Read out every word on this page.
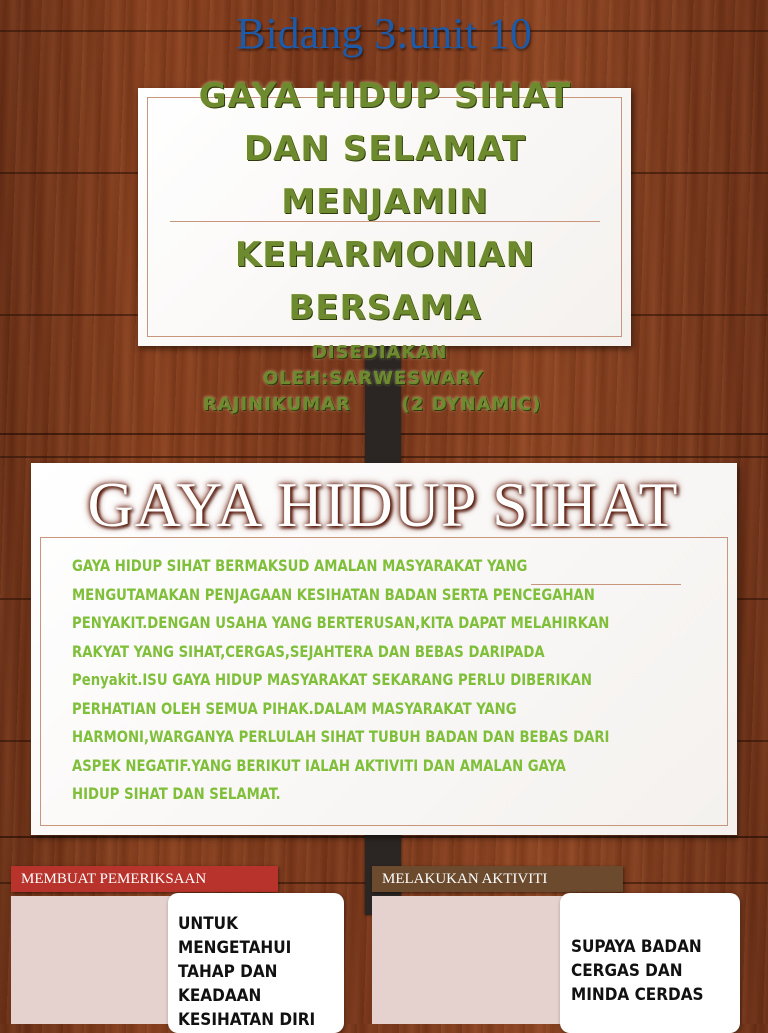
Bidang 3:unit 10
GAYA HIDUP SIHAT
DAN SELAMAT
MENJAMIN
KEHARMONIAN
BERSAMA
DISEDIAKAN
OLEH:SARWESWARY
RAJINIKUMAR       (2 DYNAMIC)
GAYA HIDUP SIHAT
GAYA HIDUP SIHAT BERMAKSUD AMALAN MASYARAKAT YANG
MENGUTAMAKAN PENJAGAAN KESIHATAN BADAN SERTA PENCEGAHAN
PENYAKIT.DENGAN USAHA YANG BERTERUSAN,KITA DAPAT MELAHIRKAN
RAKYAT YANG SIHAT,CERGAS,SEJAHTERA DAN BEBAS DARIPADA
Penyakit.ISU GAYA HIDUP MASYARAKAT SEKARANG PERLU DIBERIKAN
PERHATIAN OLEH SEMUA PIHAK.DALAM MASYARAKAT YANG
HARMONI,WARGANYA PERLULAH SIHAT TUBUH BADAN DAN BEBAS DARI
ASPEK NEGATIF.YANG BERIKUT IALAH AKTIVITI DAN AMALAN GAYA
HIDUP SIHAT DAN SELAMAT.
MEMBUAT PEMERIKSAAN
UNTUK
MENGETAHUI
TAHAP DAN
KEADAAN
KESIHATAN DIRI
MELAKUKAN AKTIVITI
SUPAYA BADAN
CERGAS DAN
MINDA CERDAS
